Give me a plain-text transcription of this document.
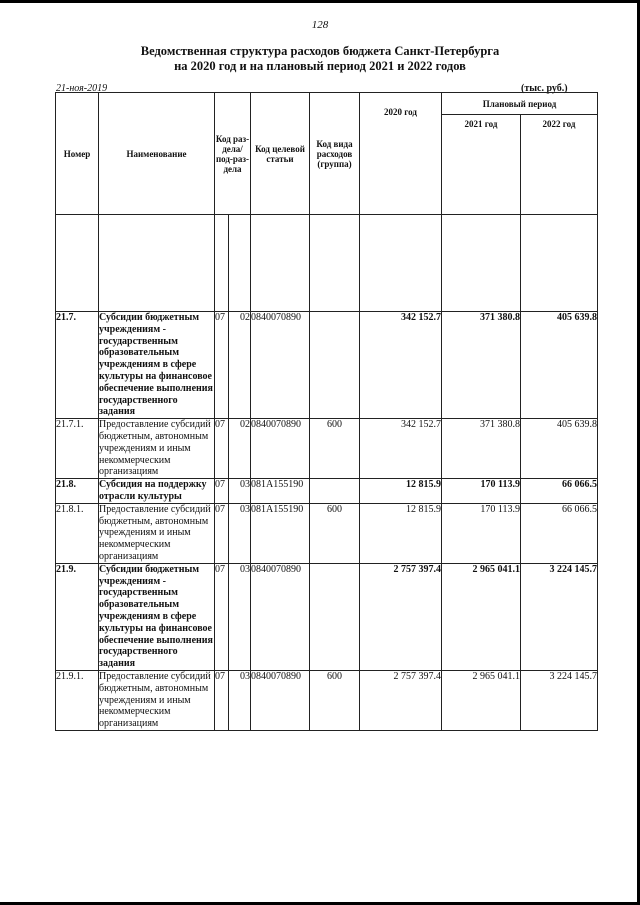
128
Ведомственная структура расходов бюджета Санкт-Петербурга
на 2020 год и на плановый период 2021 и 2022 годов
21-ноя-2019	(тыс. руб.)
Номер	Наименование	Код раз-дела/ под-раз-дела		Код целевой статьи	Код вида расходов (группа)	2020 год	Плановый период	
							2021 год	2022 год

21.7.	Субсидии бюджетным учреждениям - государственным образовательным учреждениям в сфере культуры на финансовое обеспечение выполнения государственного задания	07	02	0840070890		342 152.7	371 380.8	405 639.8
21.7.1.	Предоставление субсидий бюджетным, автономным учреждениям и иным некоммерческим организациям	07	02	0840070890	600	342 152.7	371 380.8	405 639.8
21.8.	Субсидия на поддержку отрасли культуры	07	03	081A155190		12 815.9	170 113.9	66 066.5
21.8.1.	Предоставление субсидий бюджетным, автономным учреждениям и иным некоммерческим организациям	07	03	081A155190	600	12 815.9	170 113.9	66 066.5
21.9.	Субсидии бюджетным учреждениям - государственным образовательным учреждениям в сфере культуры на финансовое обеспечение выполнения государственного задания	07	03	0840070890		2 757 397.4	2 965 041.1	3 224 145.7
21.9.1.	Предоставление субсидий бюджетным, автономным учреждениям и иным некоммерческим организациям	07	03	0840070890	600	2 757 397.4	2 965 041.1	3 224 145.7
